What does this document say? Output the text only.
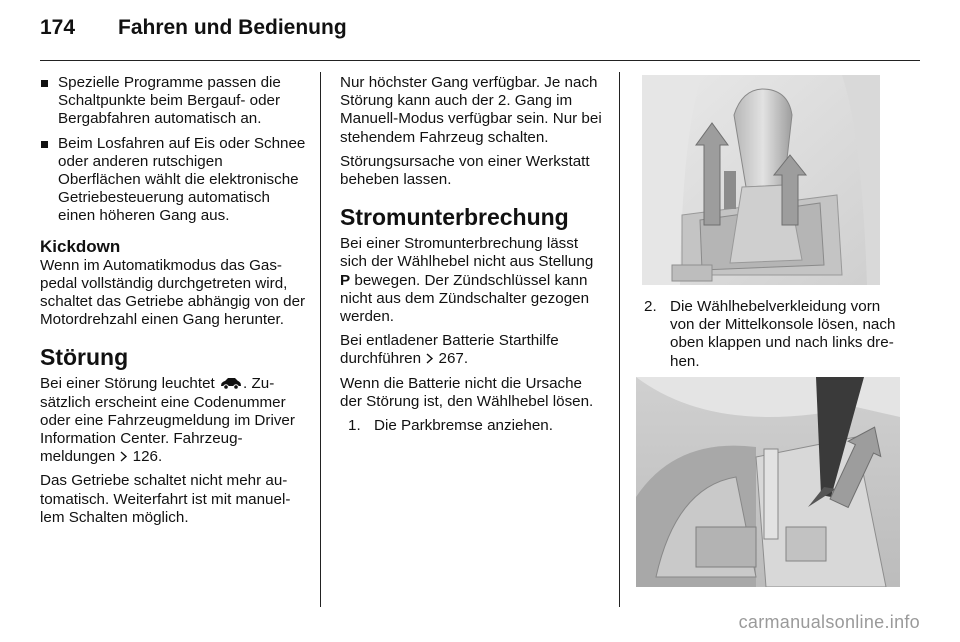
174 Fahren und Bedienung
Spezielle Programme passen die Schaltpunkte beim Bergauf- oder Bergabfahren automatisch an.
Beim Losfahren auf Eis oder Schnee oder anderen rutschigen Oberflächen wählt die elektronische Getriebesteuerung automatisch einen höheren Gang aus.
Kickdown
Wenn im Automatikmodus das Gaspedal vollständig durchgetreten wird, schaltet das Getriebe abhängig von der Motordrehzahl einen Gang herunter.
Störung
Bei einer Störung leuchtet . Zusätzlich erscheint eine Codenummer oder eine Fahrzeugmeldung im Driver Information Center. Fahrzeugmeldungen 126.
Das Getriebe schaltet nicht mehr automatisch. Weiterfahrt ist mit manuellem Schalten möglich.
Nur höchster Gang verfügbar. Je nach Störung kann auch der 2. Gang im Manuell-Modus verfügbar sein. Nur bei stehendem Fahrzeug schalten.
Störungsursache von einer Werkstatt beheben lassen.
Stromunterbrechung
Bei einer Stromunterbrechung lässt sich der Wählhebel nicht aus Stellung P bewegen. Der Zündschlüssel kann nicht aus dem Zündschalter gezogen werden.
Bei entladener Batterie Starthilfe durchführen 267.
Wenn die Batterie nicht die Ursache der Störung ist, den Wählhebel lösen.
1. Die Parkbremse anziehen.
2. Die Wählhebelverkleidung vorn von der Mittelkonsole lösen, nach oben klappen und nach links drehen.
carmanualsonline.info
